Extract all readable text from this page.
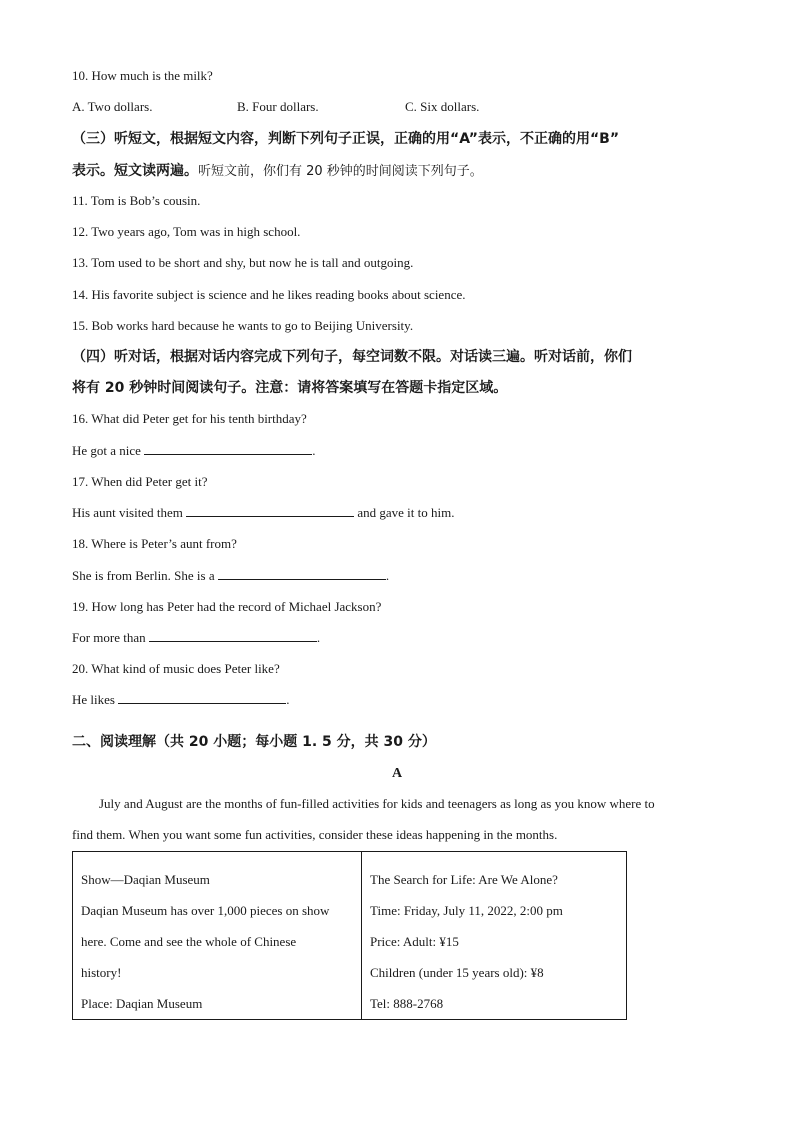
10. How much is the milk?
A. Two dollars.	B. Four dollars.	C. Six dollars.
（三）听短文，根据短文内容，判断下列句子正误，正确的用“A”表示，不正确的用“B”
表示。短文读两遍。听短文前，你们有 20 秒钟的时间阅读下列句子。
11. Tom is Bob’s cousin.
12. Two years ago, Tom was in high school.
13. Tom used to be short and shy, but now he is tall and outgoing.
14. His favorite subject is science and he likes reading books about science.
15. Bob works hard because he wants to go to Beijing University.
（四）听对话，根据对话内容完成下列句子，每空词数不限。对话读三遍。听对话前，你们
将有 20 秒钟时间阅读句子。注意：请将答案填写在答题卡指定区域。
16. What did Peter get for his tenth birthday?
He got a nice	.
17. When did Peter get it?
His aunt visited them	and gave it to him.
18. Where is Peter’s aunt from?
She is from Berlin. She is a	.
19. How long has Peter had the record of Michael Jackson?
For more than	.
20. What kind of music does Peter like?
He likes	.
二、阅读理解（共 20 小题；每小题 1. 5 分，共 30 分）
A
July and August are the months of fun-filled activities for kids and teenagers as long as you know where to
find them. When you want some fun activities, consider these ideas happening in the months.
Show—Daqian Museum
Daqian Museum has over 1,000 pieces on show
here. Come and see the whole of Chinese
history!
Place: Daqian Museum

The Search for Life: Are We Alone?
Time: Friday, July 11, 2022, 2:00 pm
Price: Adult: ¥15
Children (under 15 years old): ¥8
Tel: 888-2768
